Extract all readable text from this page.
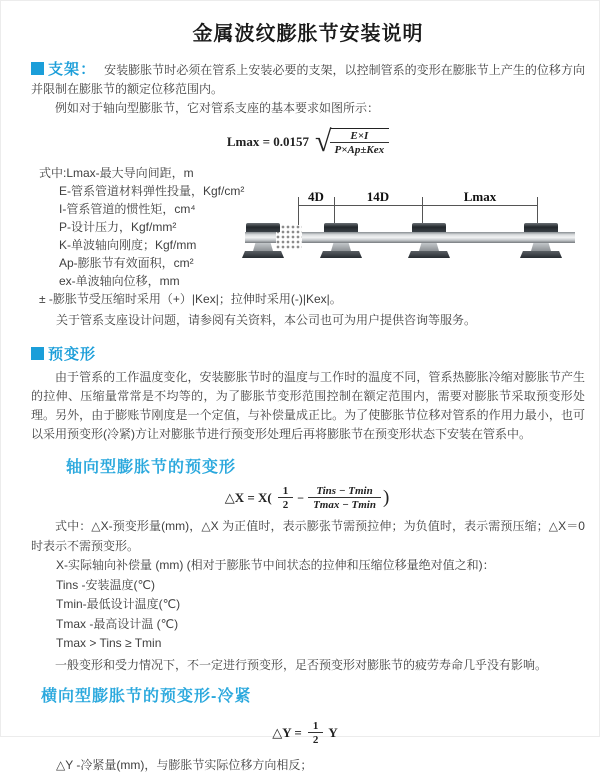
金属波纹膨胀节安装说明

支架： 安装膨胀节时必须在管系上安装必要的支架，以控制管系的变形在膨胀节上产生的位移方向并限制在膨胀节的额定位移范围内。

例如对于轴向型膨胀节，它对管系支座的基本要求如图所示：

Lmax = 0.0157 √
$\frac{E\times I}{\text{P×Ap±Kex}}$
式中:Lmax-最大导向间距，m
E-管系管道材料弹性投量，Kgf/cm²
I-管系管道的惯性矩，cm⁴
P-设计压力，Kgf/mm²
K-单波轴向刚度；Kgf/mm
Ap-膨胀节有效面积，cm²
ex-单波轴向位移，mm
± -膨胀节受压缩时采用（+）|Kex|；拉伸时采用(-)|Kex|。
关于管系支座设计问题，请参阅有关资料，本公司也可为用户提供咨询等服务。
4D	14D	Lmax
预变形

由于管系的工作温度变化，安装膨胀节时的温度与工作时的温度不同，管系热膨胀冷缩对膨胀节产生的拉伸、压缩量常常是不均等的，为了膨胀节变形范围控制在额定范围内，需要对膨胀节采取预变形处理。另外，由于膨账节刚度是一个定值，与补偿量成正比。为了使膨胀节位移对管系的作用力最小，也可以采用预变形(冷紧)方让对膨胀节进行预变形处理后再将膨胀节在预变形状态下安装在管系中。

轴向型膨胀节的预变形
△X = $X( \frac{1}{2} - \frac{\text{Tins − Tmin}}{Tmax - Tmin}$ )

式中：△X-预变形量(mm)，△X 为正值时，表示膨张节需预拉伸；为负值时，表示需预压缩；△X＝0时表示不需预变形。

X-实际轴向补偿量 (mm) (相对于膨胀节中间状态的拉伸和压缩位移量绝对值之和)：
Tins -安装温度(℃)
Tmin-最低设计温度(℃)
Tmax -最高设计温 (℃)
Tmax > Tins ≥ Tmin

一般变形和受力情况下，不一定进行预变形，足否预变形对膨胀节的疲劳寿命几乎没有影响。

横向型膨胀节的预变形-冷紧
△Y = $\frac{1}{2}$ Y
△Y -冷紧量(mm)，与膨胀节实际位移方向相反；
